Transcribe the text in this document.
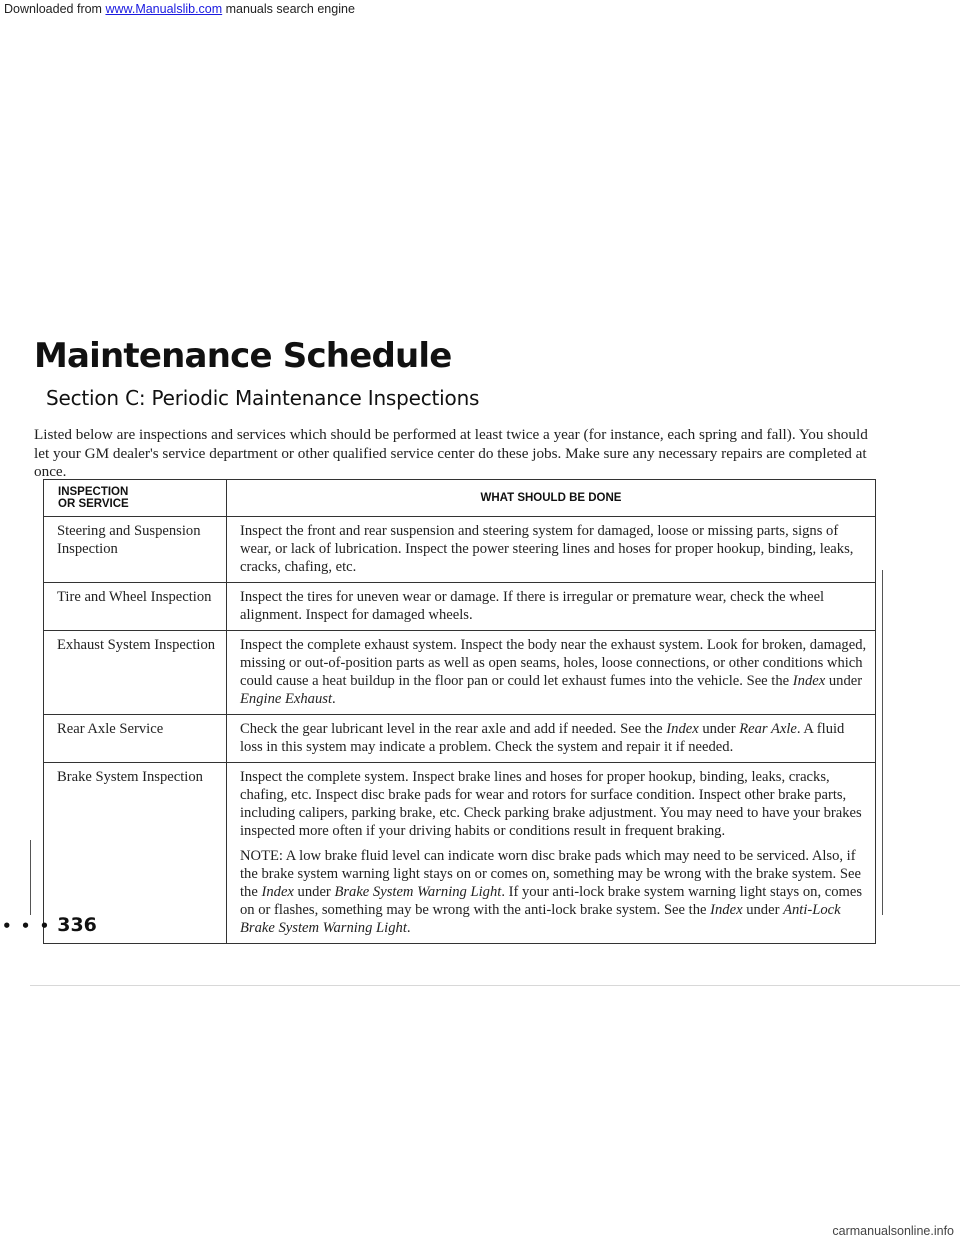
Downloaded from www.Manualslib.com manuals search engine
Maintenance Schedule
Section C: Periodic Maintenance Inspections

Listed below are inspections and services which should be performed at least twice a year (for instance, each spring and fall). You should let your GM dealer's service department or other qualified service center do these jobs. Make sure any necessary repairs are completed at once.

INSPECTION
OR SERVICE	WHAT SHOULD BE DONE
Steering and Suspension Inspection	Inspect the front and rear suspension and steering system for damaged, loose or missing parts, signs of wear, or lack of lubrication. Inspect the power steering lines and hoses for proper hookup, binding, leaks, cracks, chafing, etc.
Tire and Wheel Inspection	Inspect the tires for uneven wear or damage. If there is irregular or premature wear, check the wheel alignment. Inspect for damaged wheels.
Exhaust System Inspection	Inspect the complete exhaust system. Inspect the body near the exhaust system. Look for broken, damaged, missing or out-of-position parts as well as open seams, holes, loose connections, or other conditions which could cause a heat buildup in the floor pan or could let exhaust fumes into the vehicle. See the Index under Engine Exhaust.
Rear Axle Service	Check the gear lubricant level in the rear axle and add if needed. See the Index under Rear Axle. A fluid loss in this system may indicate a problem. Check the system and repair it if needed.
Brake System Inspection	Inspect the complete system. Inspect brake lines and hoses for proper hookup, binding, leaks, cracks, chafing, etc. Inspect disc brake pads for wear and rotors for surface condition. Inspect other brake parts, including calipers, parking brake, etc. Check parking brake adjustment. You may need to have your brakes inspected more often if your driving habits or conditions result in frequent braking.

NOTE: A low brake fluid level can indicate worn disc brake pads which may need to be serviced. Also, if the brake system warning light stays on or comes on, something may be wrong with the brake system. See the Index under Brake System Warning Light. If your anti-lock brake system warning light stays on, comes on or flashes, something may be wrong with the anti-lock brake system. See the Index under Anti-Lock Brake System Warning Light.

• • • 336
carmanualsonline.info
